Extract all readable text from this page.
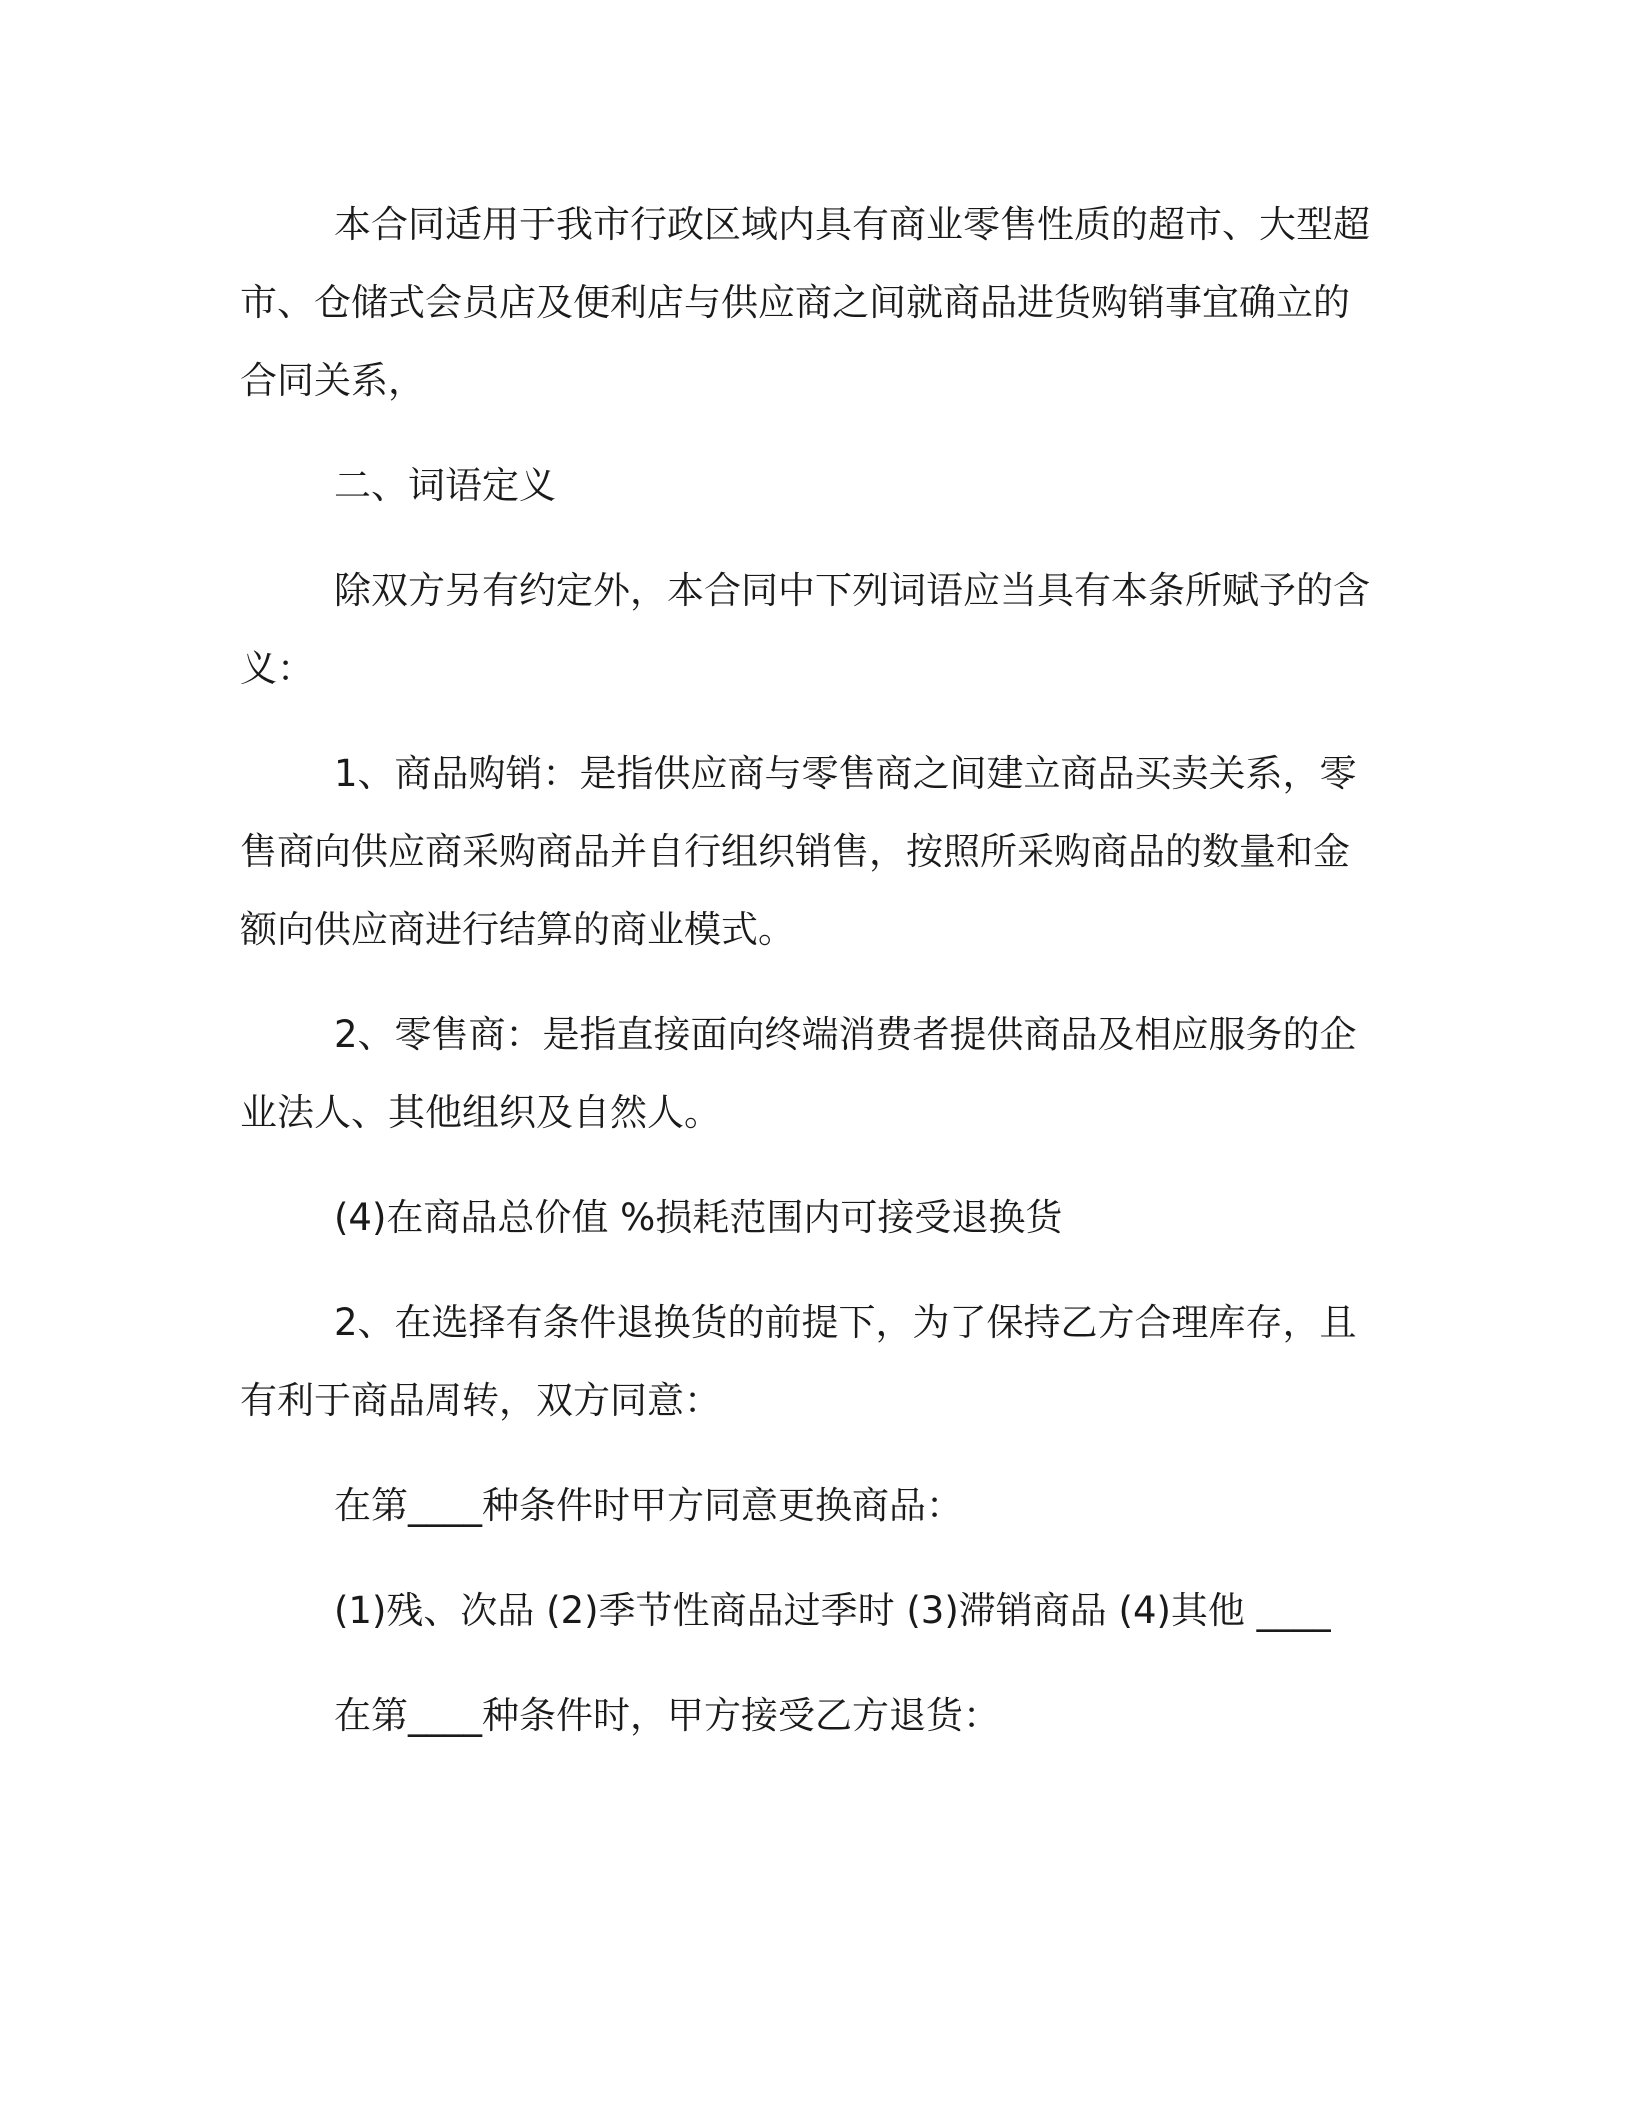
本合同适用于我市行政区域内具有商业零售性质的超市、大型超市、仓储式会员店及便利店与供应商之间就商品进货购销事宜确立的合同关系，

二、词语定义

除双方另有约定外，本合同中下列词语应当具有本条所赋予的含义：

1、商品购销：是指供应商与零售商之间建立商品买卖关系，零售商向供应商采购商品并自行组织销售，按照所采购商品的数量和金额向供应商进行结算的商业模式。

2、零售商：是指直接面向终端消费者提供商品及相应服务的企业法人、其他组织及自然人。

(4)在商品总价值 %损耗范围内可接受退换货

2、在选择有条件退换货的前提下，为了保持乙方合理库存，且有利于商品周转，双方同意：

在第____种条件时甲方同意更换商品：

(1)残、次品 (2)季节性商品过季时 (3)滞销商品 (4)其他 ____

在第____种条件时，甲方接受乙方退货：
